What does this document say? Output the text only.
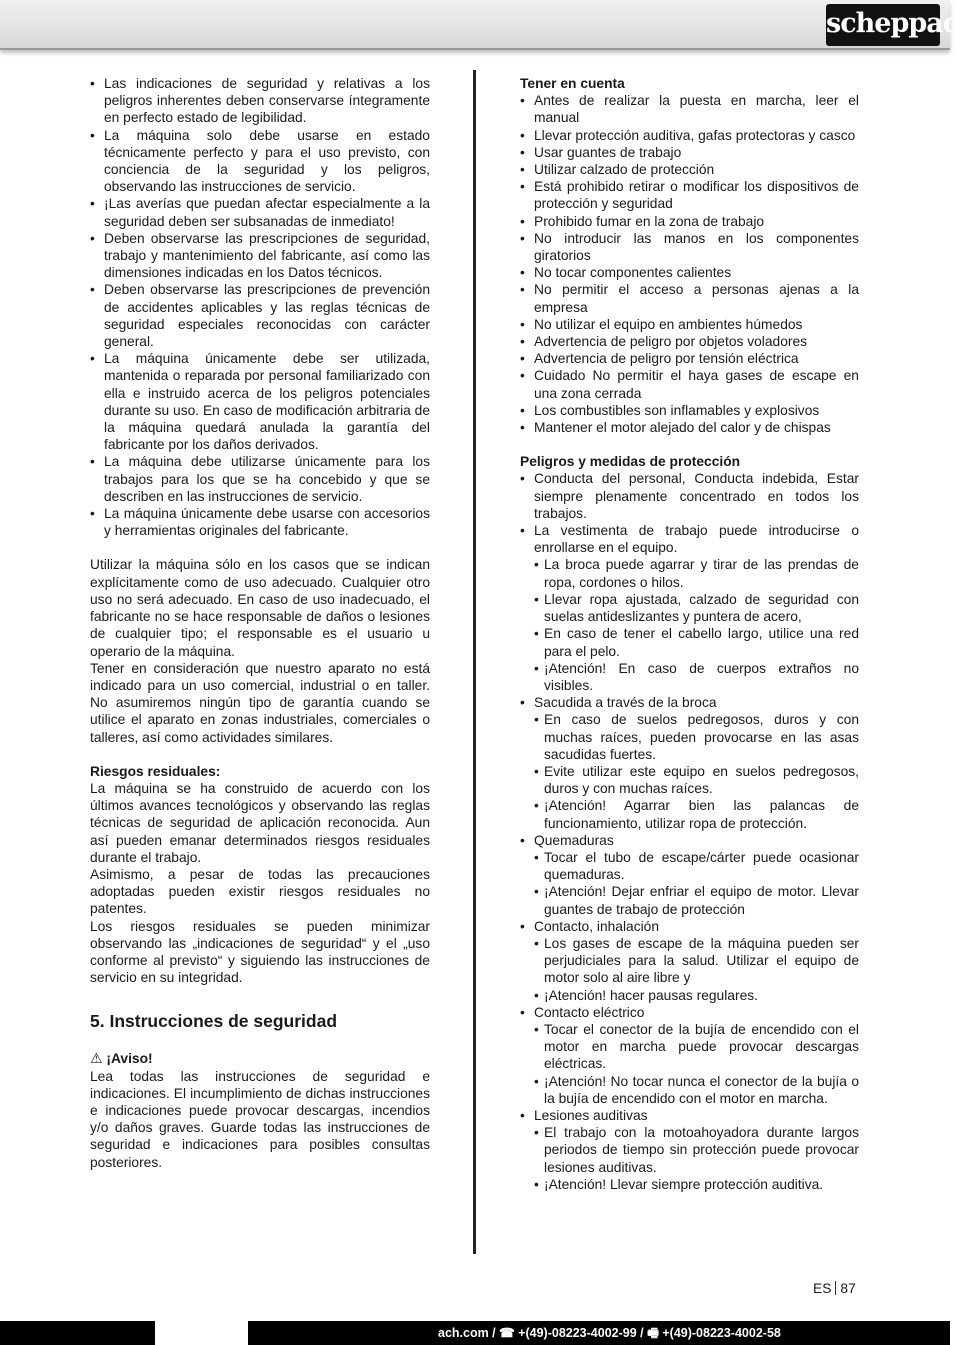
scheppach
• Las indicaciones de seguridad y relativas a los peligros inherentes deben conservarse íntegramente en perfecto estado de legibilidad.
• La máquina solo debe usarse en estado técnicamente perfecto y para el uso previsto, con conciencia de la seguridad y los peligros, observando las instrucciones de servicio.
• ¡Las averías que puedan afectar especialmente a la seguridad deben ser subsanadas de inmediato!
• Deben observarse las prescripciones de seguridad, trabajo y mantenimiento del fabricante, así como las dimensiones indicadas en los Datos técnicos.
• Deben observarse las prescripciones de prevención de accidentes aplicables y las reglas técnicas de seguridad especiales reconocidas con carácter general.
• La máquina únicamente debe ser utilizada, mantenida o reparada por personal familiarizado con ella e instruido acerca de los peligros potenciales durante su uso. En caso de modificación arbitraria de la máquina quedará anulada la garantía del fabricante por los daños derivados.
• La máquina debe utilizarse únicamente para los trabajos para los que se ha concebido y que se describen en las instrucciones de servicio.
• La máquina únicamente debe usarse con accesorios y herramientas originales del fabricante.

Utilizar la máquina sólo en los casos que se indican explícitamente como de uso adecuado. Cualquier otro uso no será adecuado. En caso de uso inadecuado, el fabricante no se hace responsable de daños o lesiones de cualquier tipo; el responsable es el usuario u operario de la máquina.

Tener en consideración que nuestro aparato no está indicado para un uso comercial, industrial o en taller. No asumiremos ningún tipo de garantía cuando se utilice el aparato en zonas industriales, comerciales o talleres, así como actividades similares.

Riesgos residuales:

La máquina se ha construido de acuerdo con los últimos avances tecnológicos y observando las reglas técnicas de seguridad de aplicación reconocida. Aun así pueden emanar determinados riesgos residuales durante el trabajo.

Asimismo, a pesar de todas las precauciones adoptadas pueden existir riesgos residuales no patentes.

Los riesgos residuales se pueden minimizar observando las „indicaciones de seguridad“ y el „uso conforme al previsto“ y siguiendo las instrucciones de servicio en su integridad.

5. Instrucciones de seguridad

⚠ ¡Aviso!

Lea todas las instrucciones de seguridad e indicaciones. El incumplimiento de dichas instrucciones e indicaciones puede provocar descargas, incendios y/o daños graves. Guarde todas las instrucciones de seguridad e indicaciones para posibles consultas posteriores.

Tener en cuenta

• Antes de realizar la puesta en marcha, leer el manual
• Llevar protección auditiva, gafas protectoras y casco
• Usar guantes de trabajo
• Utilizar calzado de protección
• Está prohibido retirar o modificar los dispositivos de protección y seguridad
• Prohibido fumar en la zona de trabajo
• No introducir las manos en los componentes giratorios
• No tocar componentes calientes
• No permitir el acceso a personas ajenas a la empresa
• No utilizar el equipo en ambientes húmedos
• Advertencia de peligro por objetos voladores
• Advertencia de peligro por tensión eléctrica
• Cuidado No permitir el haya gases de escape en una zona cerrada
• Los combustibles son inflamables y explosivos
• Mantener el motor alejado del calor y de chispas

Peligros y medidas de protección

• Conducta del personal, Conducta indebida, Estar siempre plenamente concentrado en todos los trabajos.
• La vestimenta de trabajo puede introducirse o enrollarse en el equipo.
• La broca puede agarrar y tirar de las prendas de ropa, cordones o hilos.
• Llevar ropa ajustada, calzado de seguridad con suelas antideslizantes y puntera de acero,
• En caso de tener el cabello largo, utilice una red para el pelo.
• ¡Atención! En caso de cuerpos extraños no visibles.
• Sacudida a través de la broca
• En caso de suelos pedregosos, duros y con muchas raíces, pueden provocarse en las asas sacudidas fuertes.
• Evite utilizar este equipo en suelos pedregosos, duros y con muchas raíces.
• ¡Atención! Agarrar bien las palancas de funcionamiento, utilizar ropa de protección.
• Quemaduras
• Tocar el tubo de escape/cárter puede ocasionar quemaduras.
• ¡Atención! Dejar enfriar el equipo de motor. Llevar guantes de trabajo de protección
• Contacto, inhalación
• Los gases de escape de la máquina pueden ser perjudiciales para la salud. Utilizar el equipo de motor solo al aire libre y
• ¡Atención! hacer pausas regulares.
• Contacto eléctrico
• Tocar el conector de la bujía de encendido con el motor en marcha puede provocar descargas eléctricas.
• ¡Atención! No tocar nunca el conector de la bujía o la bujía de encendido con el motor en marcha.
• Lesiones auditivas
• El trabajo con la motoahoyadora durante largos periodos de tiempo sin protección puede provocar lesiones auditivas.
• ¡Atención! Llevar siempre protección auditiva.
ES 87
ach.com / ☎ +(49)-08223-4002-99 / 🖷 +(49)-08223-4002-58
